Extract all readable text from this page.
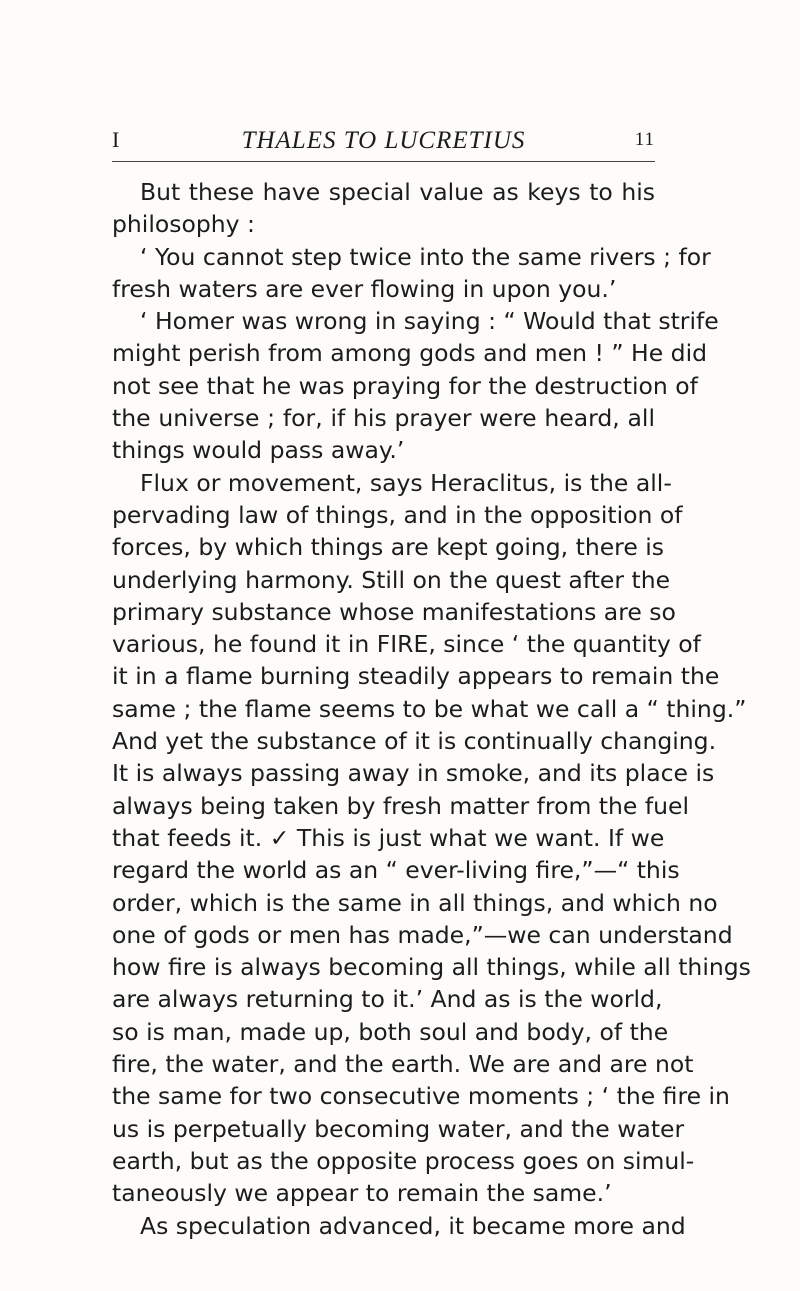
I	THALES TO LUCRETIUS	11
But these have special value as keys to his
philosophy :
‘ You cannot step twice into the same rivers ; for
fresh waters are ever flowing in upon you.’
‘ Homer was wrong in saying : “ Would that strife
might perish from among gods and men ! ” He did
not see that he was praying for the destruction of
the universe ; for, if his prayer were heard, all
things would pass away.’
Flux or movement, says Heraclitus, is the all-
pervading law of things, and in the opposition of
forces, by which things are kept going, there is
underlying harmony. Still on the quest after the
primary substance whose manifestations are so
various, he found it in FIRE, since ‘ the quantity of
it in a flame burning steadily appears to remain the
same ; the flame seems to be what we call a “ thing.”
And yet the substance of it is continually changing.
It is always passing away in smoke, and its place is
always being taken by fresh matter from the fuel
that feeds it. ✓ This is just what we want. If we
regard the world as an “ ever-living fire,”—“ this
order, which is the same in all things, and which no
one of gods or men has made,”—we can understand
how fire is always becoming all things, while all things
are always returning to it.’ And as is the world,
so is man, made up, both soul and body, of the
fire, the water, and the earth. We are and are not
the same for two consecutive moments ; ‘ the fire in
us is perpetually becoming water, and the water
earth, but as the opposite process goes on simul-
taneously we appear to remain the same.’
As speculation advanced, it became more and
